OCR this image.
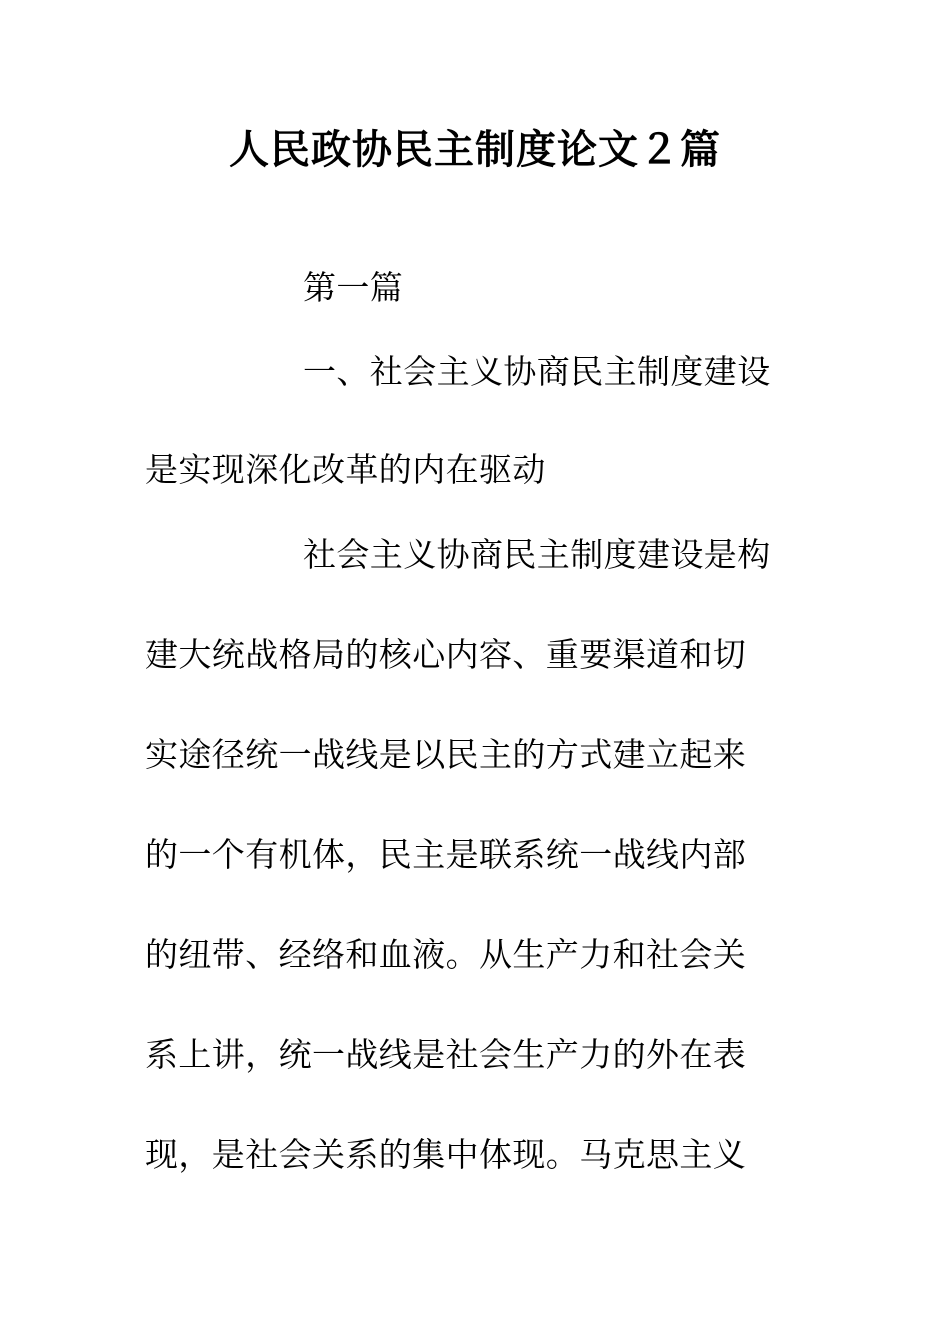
人民政协民主制度论文２篇
第一篇
一、社会主义协商民主制度建设
是实现深化改革的内在驱动
社会主义协商民主制度建设是构
建大统战格局的核心内容、重要渠道和切
实途径统一战线是以民主的方式建立起来
的一个有机体，民主是联系统一战线内部
的纽带、经络和血液。从生产力和社会关
系上讲，统一战线是社会生产力的外在表
现，是社会关系的集中体现。马克思主义
